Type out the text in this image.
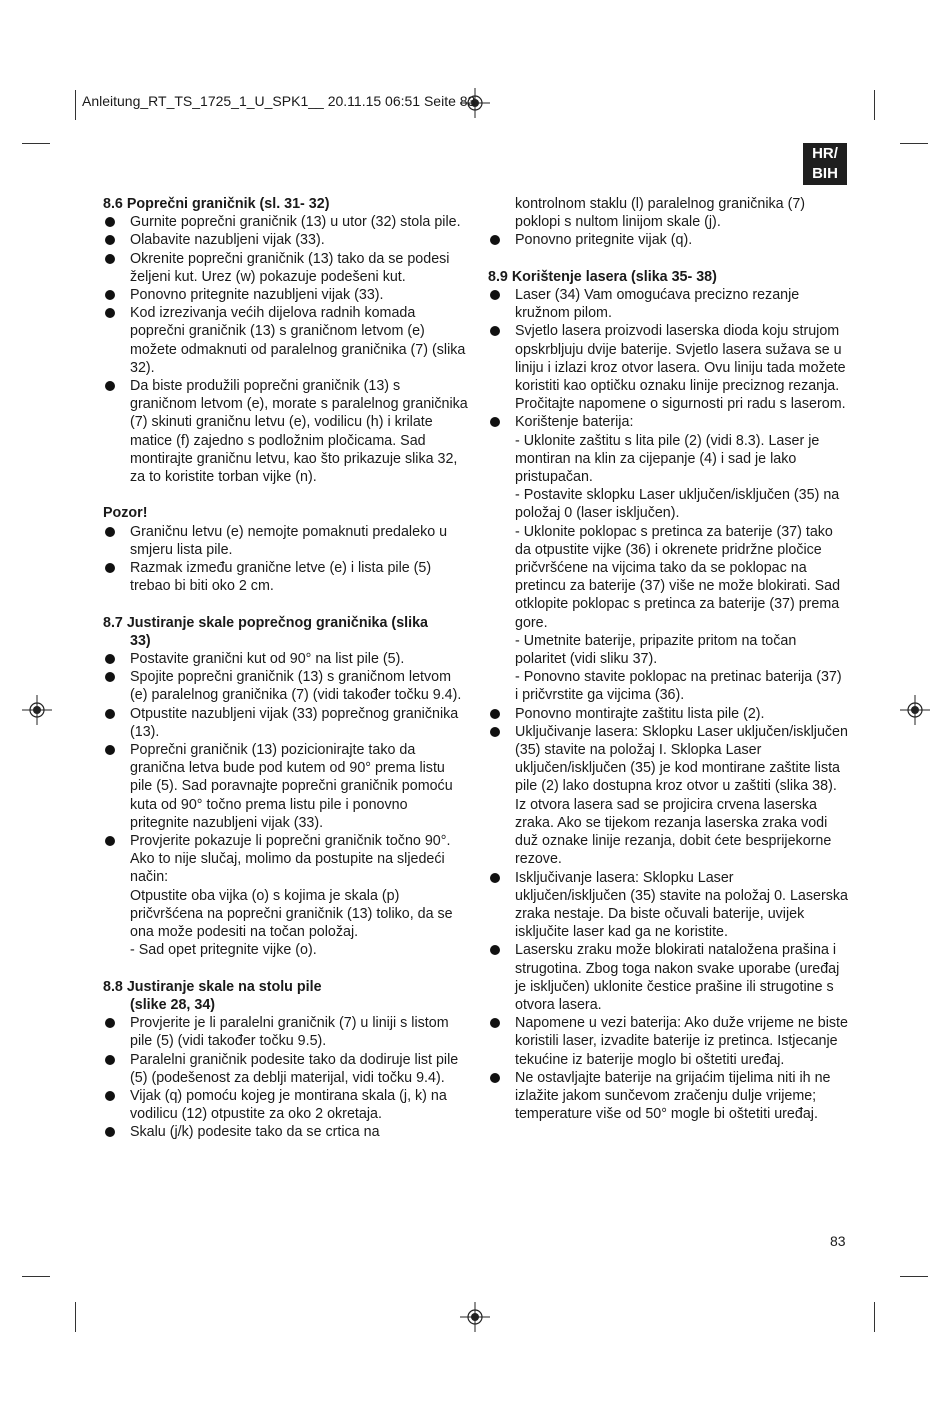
Anleitung_RT_TS_1725_1_U_SPK1__ 20.11.15 06:51 Seite 83
HR/
BIH

8.6 Poprečni graničnik (sl. 31- 32)

Gurnite poprečni graničnik (13) u utor (32) stola pile.

Olabavite nazubljeni vijak (33).

Okrenite poprečni graničnik (13) tako da se podesi željeni kut. Urez (w) pokazuje podešeni kut.

Ponovno pritegnite nazubljeni vijak (33).

Kod izrezivanja većih dijelova radnih komada poprečni graničnik (13) s graničnom letvom (e) možete odmaknuti od paralelnog graničnika (7) (slika 32).

Da biste produžili poprečni graničnik (13) s graničnom letvom (e), morate s paralelnog graničnika (7) skinuti graničnu letvu (e), vodilicu (h) i krilate matice (f) zajedno s podložnim pločicama. Sad montirajte graničnu letvu, kao što prikazuje slika 32, za to koristite torban vijke (n).

Pozor!

Graničnu letvu (e) nemojte pomaknuti predaleko u smjeru lista pile.

Razmak između granične letve (e) i lista pile (5) trebao bi biti oko 2 cm.

8.7 Justiranje skale poprečnog graničnika (slika

33)

Postavite granični kut od 90° na list pile (5).

Spojite poprečni graničnik (13) s graničnom letvom (e) paralelnog graničnika (7) (vidi također točku 9.4).

Otpustite nazubljeni vijak (33) poprečnog graničnika (13).

Poprečni graničnik (13) pozicionirajte tako da granična letva bude pod kutem od 90° prema listu pile (5). Sad poravnajte poprečni graničnik pomoću kuta od 90° točno prema listu pile i ponovno pritegnite nazubljeni vijak (33).

Provjerite pokazuje li poprečni graničnik točno 90°. Ako to nije slučaj, molimo da postupite na sljedeći način:

Otpustite oba vijka (o) s kojima je skala (p) pričvršćena na poprečni graničnik (13) toliko, da se ona može podesiti na točan položaj.

- Sad opet pritegnite vijke (o).

8.8 Justiranje skale na stolu pile

(slike 28, 34)

Provjerite je li paralelni graničnik (7) u liniji s listom pile (5) (vidi također točku 9.5).

Paralelni graničnik podesite tako da dodiruje list pile (5) (podešenost za deblji materijal, vidi točku 9.4).

Vijak (q) pomoću kojeg je montirana skala (j, k) na vodilicu (12) otpustite za oko 2 okretaja.

Skalu (j/k) podesite tako da se crtica na

kontrolnom staklu (l) paralelnog graničnika (7) poklopi s nultom linijom skale (j).

Ponovno pritegnite vijak (q).

8.9 Korištenje lasera (slika 35- 38)

Laser (34) Vam omogućava precizno rezanje kružnom pilom.

Svjetlo lasera proizvodi laserska dioda koju strujom opskrbljuju dvije baterije. Svjetlo lasera sužava se u liniju i izlazi kroz otvor lasera. Ovu liniju tada možete koristiti kao optičku oznaku linije preciznog rezanja. Pročitajte napomene o sigurnosti pri radu s laserom.

Korištenje baterija:

- Uklonite zaštitu s lita pile (2) (vidi 8.3). Laser je montiran na klin za cijepanje (4) i sad je lako pristupačan.

- Postavite sklopku Laser uključen/isključen (35) na položaj 0 (laser isključen).

- Uklonite poklopac s pretinca za baterije (37) tako da otpustite vijke (36) i okrenete pridržne pločice pričvršćene na vijcima tako da se poklopac na pretincu za baterije (37) više ne može blokirati. Sad otklopite poklopac s pretinca za baterije (37) prema gore.

- Umetnite baterije, pripazite pritom na točan polaritet (vidi sliku 37).

- Ponovno stavite poklopac na pretinac baterija (37) i pričvrstite ga vijcima (36).

Ponovno montirajte zaštitu lista pile (2).

Uključivanje lasera: Sklopku Laser uključen/isključen (35) stavite na položaj I. Sklopka Laser uključen/isključen (35) je kod montirane zaštite lista pile (2) lako dostupna kroz otvor u zaštiti (slika 38). Iz otvora lasera sad se projicira crvena laserska zraka. Ako se tijekom rezanja laserska zraka vodi duž oznake linije rezanja, dobit ćete besprijekorne rezove.

Isključivanje lasera: Sklopku Laser uključen/isključen (35) stavite na položaj 0. Laserska zraka nestaje. Da biste očuvali baterije, uvijek isključite laser kad ga ne koristite.

Lasersku zraku može blokirati nataložena prašina i strugotina. Zbog toga nakon svake uporabe (uređaj je isključen) uklonite čestice prašine ili strugotine s otvora lasera.

Napomene u vezi baterija: Ako duže vrijeme ne biste koristili laser, izvadite baterije iz pretinca. Istjecanje tekućine iz baterije moglo bi oštetiti uređaj.

Ne ostavljajte baterije na grijaćim tijelima niti ih ne izlažite jakom sunčevom zračenju dulje vrijeme; temperature više od 50° mogle bi oštetiti uređaj.

83
